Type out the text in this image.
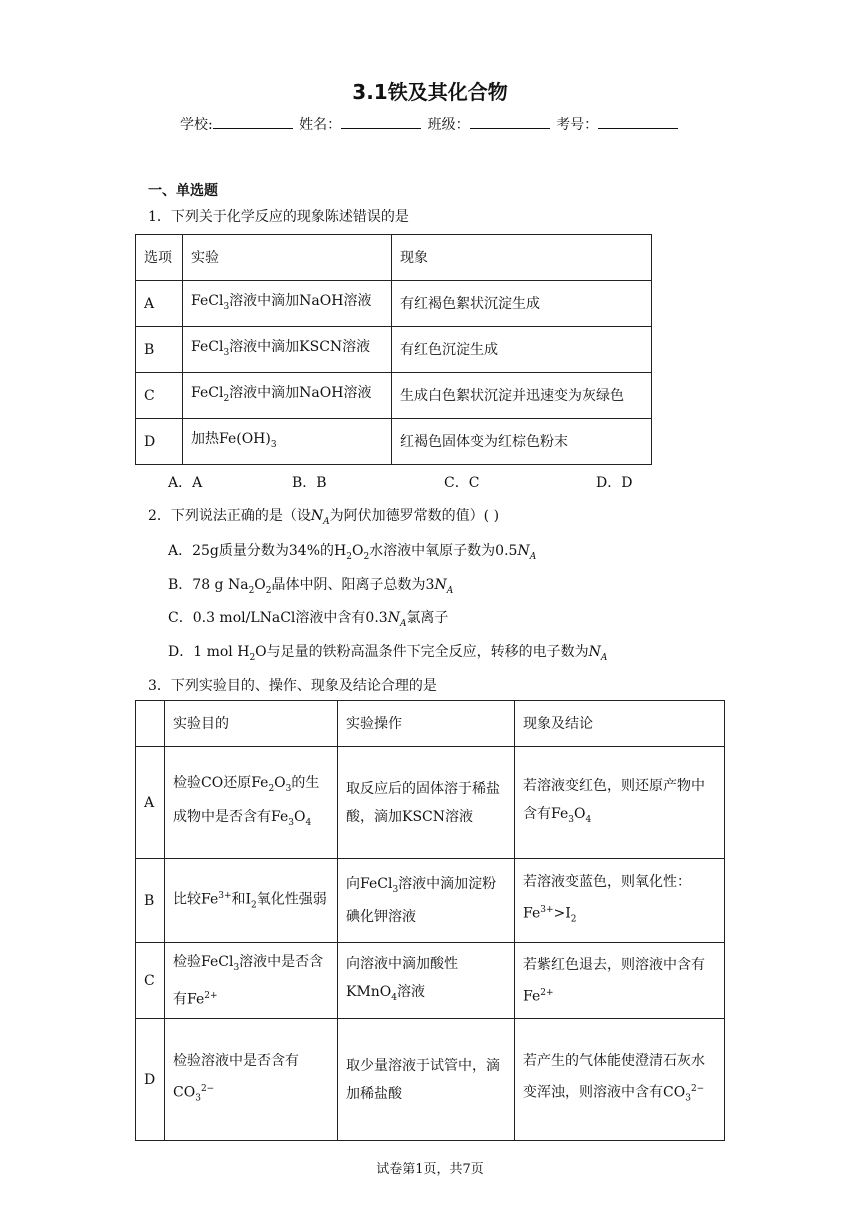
3.1铁及其化合物
学校:	姓名：	班级：	考号：
一、单选题
1．下列关于化学反应的现象陈述错误的是
选项	实验	现象
A	FeCl$_3$溶液中滴加NaOH溶液	有红褐色絮状沉淀生成
B	FeCl$_3$溶液中滴加KSCN溶液	有红色沉淀生成
C	FeCl$_2$溶液中滴加NaOH溶液	生成白色絮状沉淀并迅速变为灰绿色
D	加热$Fe(OH)_3$	红褐色固体变为红棕色粉末
A．A	B．B	C．C	D．D
2．下列说法正确的是（设$N_A$为阿伏加德罗常数的值）( )
A．25g质量分数为34%的$H_2O_2$水溶液中氧原子数为$0.5N_A$
B．78 g $Na_2O_2$晶体中阴、阳离子总数为$3N_A$
C．0.3 mol/LNaCl溶液中含有$0.3N_A$氯离子
D．1 mol $H_2O$与足量的铁粉高温条件下完全反应，转移的电子数为$N_A$
3．下列实验目的、操作、现象及结论合理的是
	实验目的	实验操作	现象及结论
A	检验CO还原$Fe_2O_3$的生成物中是否含有$Fe_3O_4$	取反应后的固体溶于稀盐酸，滴加KSCN溶液	若溶液变红色，则还原产物中含有$Fe_3O_4$
B	比较$Fe^{3+}$和$I_2$氧化性强弱	向FeCl$_3$溶液中滴加淀粉碘化钾溶液	若溶液变蓝色，则氧化性：$Fe^{3+}>I_2$
C	检验FeCl$_3$溶液中是否含有$Fe^{2+}$	向溶液中滴加酸性KMnO$_4$溶液	若紫红色退去，则溶液中含有$Fe^{2+}$
D	检验溶液中是否含有$CO_3^{2-}$	取少量溶液于试管中，滴加稀盐酸	若产生的气体能使澄清石灰水变浑浊，则溶液中含有$CO_3^{2-}$
试卷第1页，共7页
